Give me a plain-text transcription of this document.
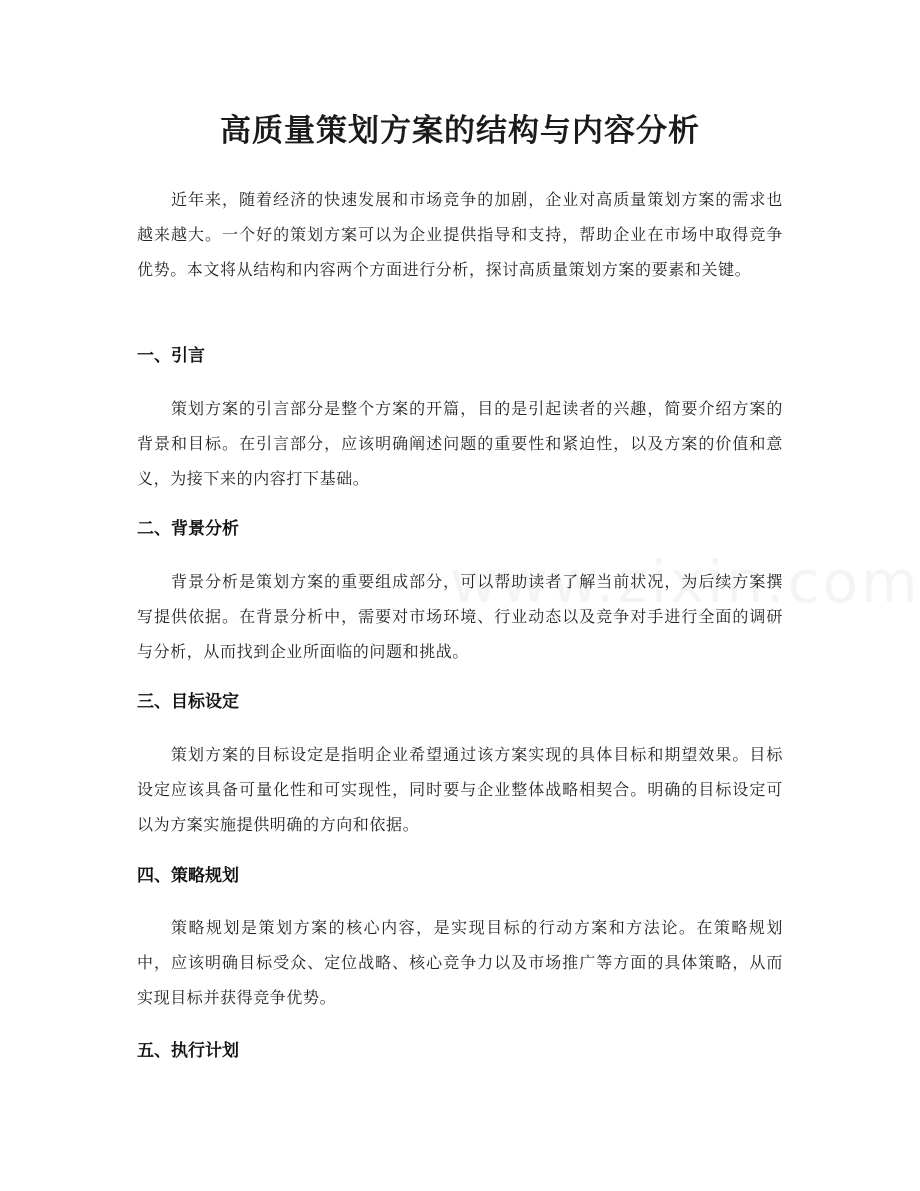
高质量策划方案的结构与内容分析

近年来，随着经济的快速发展和市场竞争的加剧，企业对高质量策划方案的需求也越来越大。一个好的策划方案可以为企业提供指导和支持，帮助企业在市场中取得竞争优势。本文将从结构和内容两个方面进行分析，探讨高质量策划方案的要素和关键。

一、引言

策划方案的引言部分是整个方案的开篇，目的是引起读者的兴趣，简要介绍方案的背景和目标。在引言部分，应该明确阐述问题的重要性和紧迫性，以及方案的价值和意义，为接下来的内容打下基础。

二、背景分析

背景分析是策划方案的重要组成部分，可以帮助读者了解当前状况，为后续方案撰写提供依据。在背景分析中，需要对市场环境、行业动态以及竞争对手进行全面的调研与分析，从而找到企业所面临的问题和挑战。

三、目标设定

策划方案的目标设定是指明企业希望通过该方案实现的具体目标和期望效果。目标设定应该具备可量化性和可实现性，同时要与企业整体战略相契合。明确的目标设定可以为方案实施提供明确的方向和依据。

四、策略规划

策略规划是策划方案的核心内容，是实现目标的行动方案和方法论。在策略规划中，应该明确目标受众、定位战略、核心竞争力以及市场推广等方面的具体策略，从而实现目标并获得竞争优势。

五、执行计划
